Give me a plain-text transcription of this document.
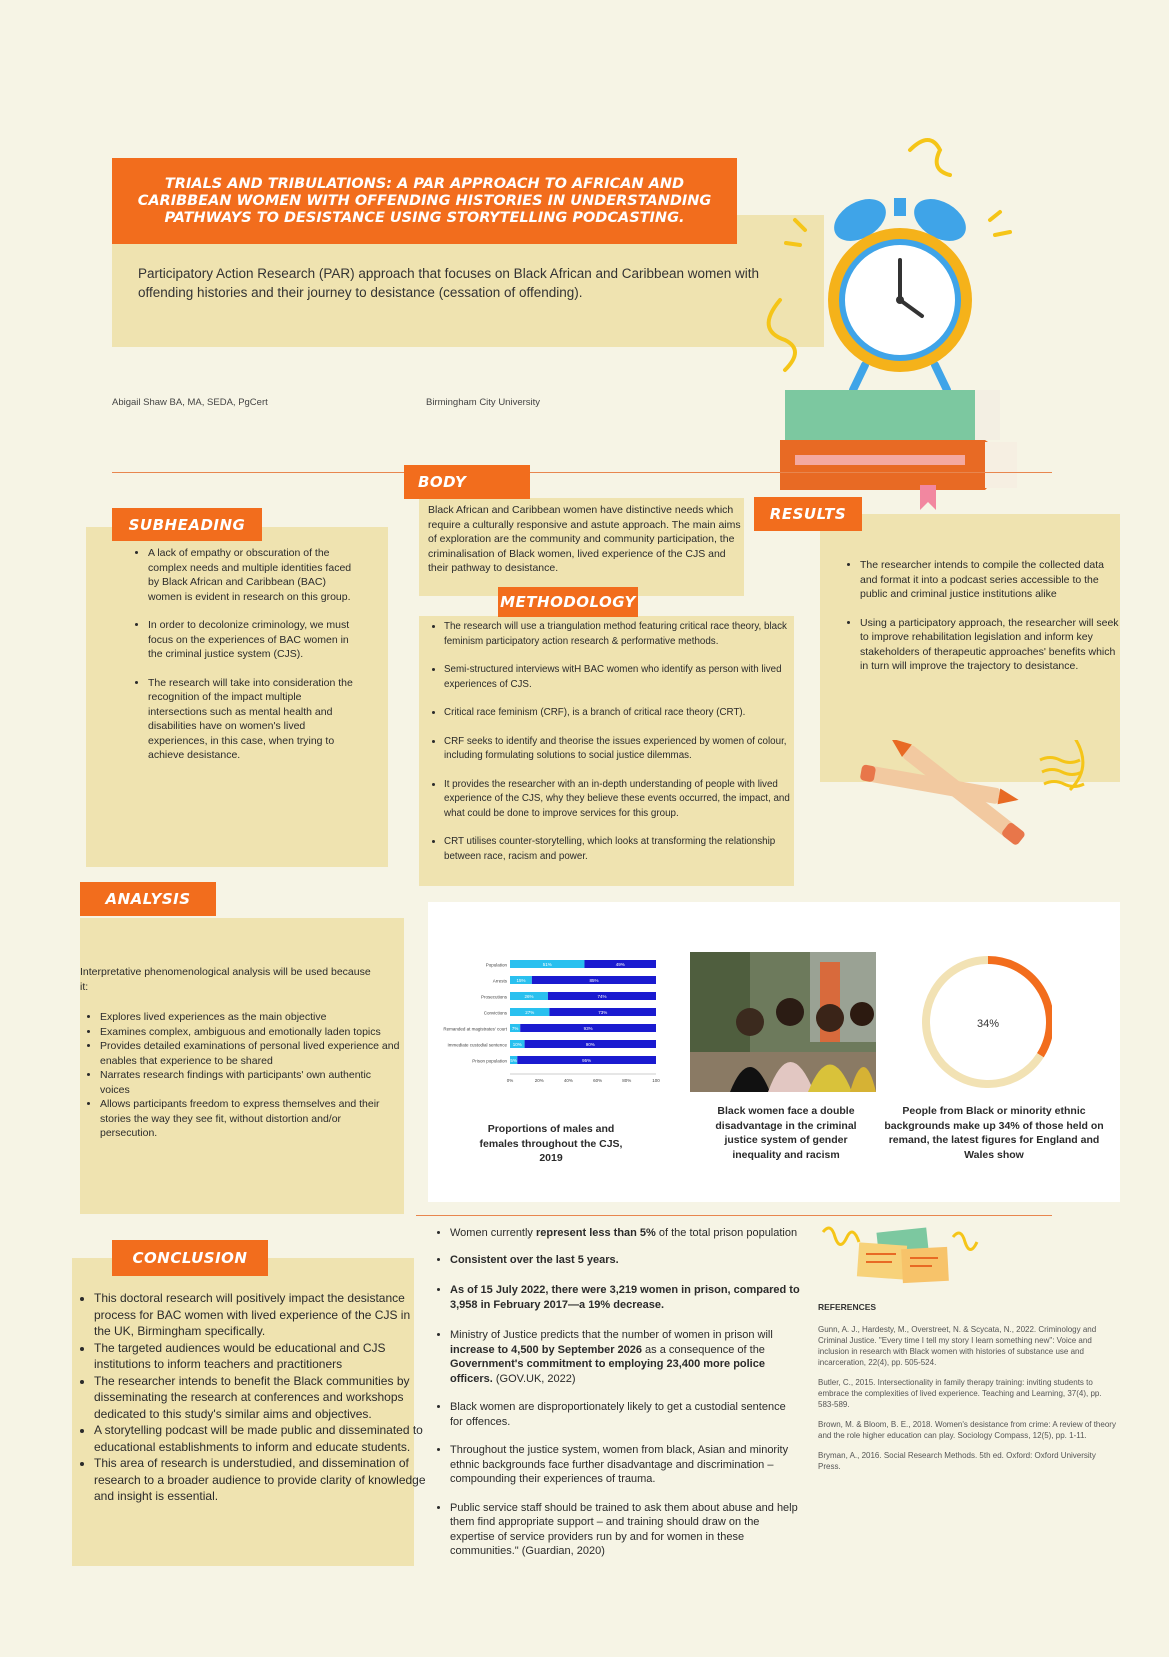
TRIALS AND TRIBULATIONS: A PAR APPROACH TO AFRICAN AND CARIBBEAN WOMEN WITH OFFENDING HISTORIES IN UNDERSTANDING PATHWAYS TO DESISTANCE USING STORYTELLING PODCASTING.
Participatory Action Research (PAR) approach that focuses on Black African and Caribbean women with offending histories and their journey to desistance (cessation of offending).
Abigail Shaw BA, MA, SEDA, PgCert	Birmingham City University
BODY
Black African and Caribbean women have distinctive needs which require a culturally responsive and astute approach. The main aims of exploration are the community and community participation, the criminalisation of Black women, lived experience of the CJS and their pathway to desistance.
SUBHEADING
• A lack of empathy or obscuration of the complex needs and multiple identities faced by Black African and Caribbean (BAC) women is evident in research on this group.
• In order to decolonize criminology, we must focus on the experiences of BAC women in the criminal justice system (CJS).
• The research will take into consideration the recognition of the impact multiple intersections such as mental health and disabilities have on women's lived experiences, in this case, when trying to achieve desistance.
METHODOLOGY
• The research will use a triangulation method featuring critical race theory, black feminism participatory action research & performative methods.
• Semi-structured interviews witH BAC women who identify as person with lived experiences of CJS.
• Critical race feminism (CRF), is a branch of critical race theory (CRT).
• CRF seeks to identify and theorise the issues experienced by women of colour, including formulating solutions to social justice dilemmas.
• It provides the researcher with an in-depth understanding of people with lived experience of the CJS, why they believe these events occurred, the impact, and what could be done to improve services for this group.
• CRT utilises counter-storytelling, which looks at transforming the relationship between race, racism and power.
RESULTS
• The researcher intends to compile the collected data and format it into a podcast series accessible to the public and criminal justice institutions alike
• Using a participatory approach, the researcher will seek to improve rehabilitation legislation and inform key stakeholders of therapeutic approaches' benefits which in turn will improve the trajectory to desistance.
ANALYSIS
Interpretative phenomenological analysis will be used because it:
• Explores lived experiences as the main objective
• Examines complex, ambiguous and emotionally laden topics
• Provides detailed examinations of personal lived experience and enables that experience to be shared
• Narrates research findings with participants' own authentic voices
• Allows participants freedom to express themselves and their stories the way they see fit, without distortion and/or persecution.
Population	51%	49%
Arrests 15%	85%
Prosecutions	26%	74%
Convictions	27%	73%
Remanded at magistrates' court 7%	93%
Immediate custodial sentence 10%	90%
Prison population 5%	95%
0%	20%	40%	60%	80%	100
Proportions of males and females throughout the CJS, 2019
Black women face a double disadvantage in the criminal justice system of gender inequality and racism
34%
People from Black or minority ethnic backgrounds make up 34% of those held on remand, the latest figures for England and Wales show
CONCLUSION
• This doctoral research will positively impact the desistance process for BAC women with lived experience of the CJS in the UK, Birmingham specifically.
• The targeted audiences would be educational and CJS institutions to inform teachers and practitioners
• The researcher intends to benefit the Black communities by disseminating the research at conferences and workshops dedicated to this study's similar aims and objectives.
• A storytelling podcast will be made public and disseminated to educational establishments to inform and educate students.
• This area of research is understudied, and dissemination of research to a broader audience to provide clarity of knowledge and insight is essential.
• Women currently represent less than 5% of the total prison population
• Consistent over the last 5 years.
• As of 15 July 2022, there were 3,219 women in prison, compared to 3,958 in February 2017—a 19% decrease.
• Ministry of Justice predicts that the number of women in prison will increase to 4,500 by September 2026 as a consequence of the Government's commitment to employing 23,400 more police officers. (GOV.UK, 2022)
• Black women are disproportionately likely to get a custodial sentence for offences.
• Throughout the justice system, women from black, Asian and minority ethnic backgrounds face further disadvantage and discrimination – compounding their experiences of trauma.
• Public service staff should be trained to ask them about abuse and help them find appropriate support – and training should draw on the expertise of service providers run by and for women in these communities." (Guardian, 2020)
REFERENCES
Gunn, A. J., Hardesty, M., Overstreet, N. & Scycata, N., 2022. Criminology and Criminal Justice. "Every time I tell my story I learn something new": Voice and inclusion in research with Black women with histories of substance use and incarceration, 22(4), pp. 505-524.
Butler, C., 2015. Intersectionality in family therapy training: inviting students to embrace the complexities of lived experience. Teaching and Learning, 37(4), pp. 583-589.
Brown, M. & Bloom, B. E., 2018. Women's desistance from crime: A review of theory and the role higher education can play. Sociology Compass, 12(5), pp. 1-11.
Bryman, A., 2016. Social Research Methods. 5th ed. Oxford: Oxford University Press.
